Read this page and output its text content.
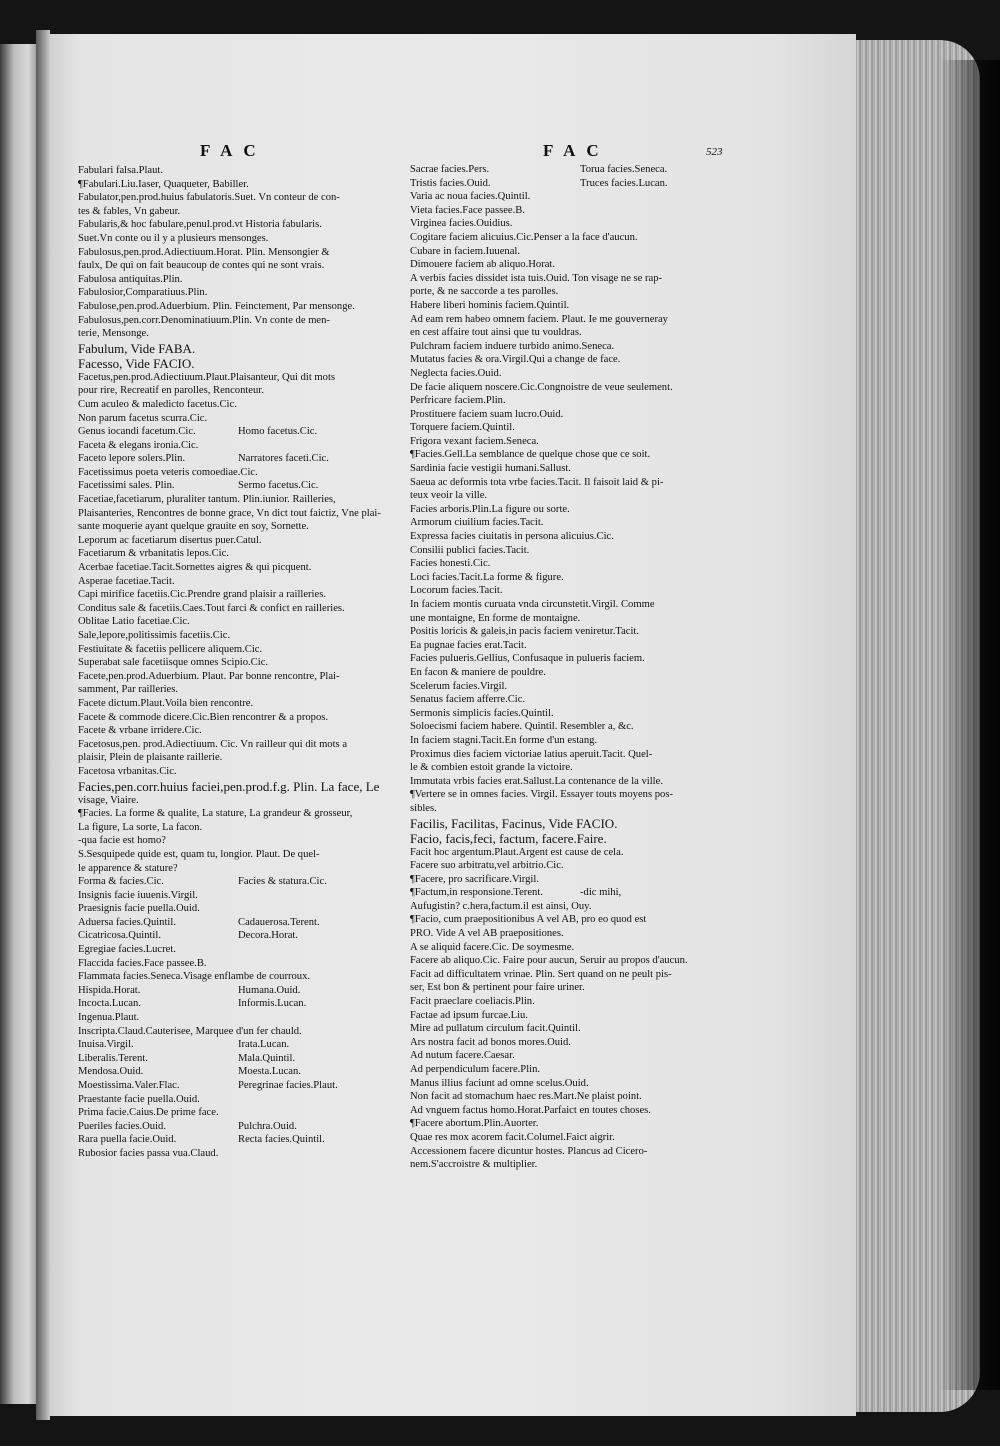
FAC	FAC	523
Fabulari falsa.Plaut.
¶Fabulari.Liu.Iaser, Quaqueter, Babiller.
Fabulator,pen.prod.huius fabulatoris.Suet. Vn conteur de con-
tes & fables, Vn gabeur.
Fabularis,& hoc fabulare,penul.prod.vt Historia fabularis.
Suet.Vn conte ou il y a plusieurs mensonges.
Fabulosus,pen.prod.Adiectiuum.Horat. Plin. Mensongier &
faulx, De qui on fait beaucoup de contes qui ne sont vrais.
Fabulosa antiquitas.Plin.
Fabulosior,Comparatiuus.Plin.
Fabulose,pen.prod.Aduerbium. Plin. Feinctement, Par mensonge.
Fabulosus,pen.corr.Denominatiuum.Plin. Vn conte de men-
terie, Mensonge.
Fabulum, Vide FABA.
Facesso, Vide FACIO.
Facetus,pen.prod.Adiectiuum.Plaut.Plaisanteur, Qui dit mots
pour rire, Recreatif en parolles, Renconteur.
Cum aculeo & maledicto facetus.Cic.
Non parum facetus scurra.Cic.
Genus iocandi facetum.Cic.	Homo facetus.Cic.
Faceta & elegans ironia.Cic.
Faceto lepore solers.Plin.	Narratores faceti.Cic.
Facetissimus poeta veteris comoediae.Cic.
Facetissimi sales. Plin.	Sermo facetus.Cic.
Facetiae,facetiarum, pluraliter tantum. Plin.iunior. Railleries,
Plaisanteries, Rencontres de bonne grace, Vn dict tout faictiz, Vne plai-
sante moquerie ayant quelque grauite en soy, Sornette.
Leporum ac facetiarum disertus puer.Catul.
Facetiarum & vrbanitatis lepos.Cic.
Acerbae facetiae.Tacit.Sornettes aigres & qui picquent.
Asperae facetiae.Tacit.
Capi mirifice facetiis.Cic.Prendre grand plaisir a railleries.
Conditus sale & facetiis.Caes.Tout farci & confict en railleries.
Oblitae Latio facetiae.Cic.
Sale,lepore,politissimis facetiis.Cic.
Festiuitate & facetiis pellicere aliquem.Cic.
Superabat sale facetiisque omnes Scipio.Cic.
Facete,pen.prod.Aduerbium. Plaut. Par bonne rencontre, Plai-
samment, Par railleries.
Facete dictum.Plaut.Voila bien rencontre.
Facete & commode dicere.Cic.Bien rencontrer & a propos.
Facete & vrbane irridere.Cic.
Facetosus,pen. prod.Adiectiuum. Cic. Vn railleur qui dit mots a
plaisir, Plein de plaisante raillerie.
Facetosa vrbanitas.Cic.
Facies,pen.corr.huius faciei,pen.prod.f.g. Plin. La face, Le
visage, Viaire.
¶Facies. La forme & qualite, La stature, La grandeur & grosseur,
La figure, La sorte, La facon.
-qua facie est homo?
S.Sesquipede quide est, quam tu, longior. Plaut. De quel-
le apparence & stature?
Forma & facies.Cic.	Facies & statura.Cic.
Insignis facie iuuenis.Virgil.
Praesignis facie puella.Ouid.
Aduersa facies.Quintil.	Cadauerosa.Terent.
Cicatricosa.Quintil.	Decora.Horat.
Egregiae facies.Lucret.
Flaccida facies.Face passee.B.
Flammata facies.Seneca.Visage enflambe de courroux.
Hispida.Horat.	Humana.Ouid.
Incocta.Lucan.	Informis.Lucan.
Ingenua.Plaut.
Inscripta.Claud.Cauterisee, Marquee d'un fer chauld.
Inuisa.Virgil.	Irata.Lucan.
Liberalis.Terent.	Mala.Quintil.
Mendosa.Ouid.	Moesta.Lucan.
Moestissima.Valer.Flac.	Peregrinae facies.Plaut.
Praestante facie puella.Ouid.
Prima facie.Caius.De prime face.
Pueriles facies.Ouid.	Pulchra.Ouid.
Rara puella facie.Ouid.	Recta facies.Quintil.
Rubosior facies passa vua.Claud.
Sacrae facies.Pers.	Torua facies.Seneca.
Tristis facies.Ouid.	Truces facies.Lucan.
Varia ac noua facies.Quintil.
Vieta facies.Face passee.B.
Virginea facies.Ouidius.
Cogitare faciem alicuius.Cic.Penser a la face d'aucun.
Cubare in faciem.Iuuenal.
Dimouere faciem ab aliquo.Horat.
A verbis facies dissidet ista tuis.Ouid. Ton visage ne se rap-
porte, & ne saccorde a tes parolles.
Habere liberi hominis faciem.Quintil.
Ad eam rem habeo omnem faciem. Plaut. Ie me gouverneray
en cest affaire tout ainsi que tu vouldras.
Pulchram faciem induere turbido animo.Seneca.
Mutatus facies & ora.Virgil.Qui a change de face.
Neglecta facies.Ouid.
De facie aliquem noscere.Cic.Congnoistre de veue seulement.
Perfricare faciem.Plin.
Prostituere faciem suam lucro.Ouid.
Torquere faciem.Quintil.
Frigora vexant faciem.Seneca.
¶Facies.Gell.La semblance de quelque chose que ce soit.
Sardinia facie vestigii humani.Sallust.
Saeua ac deformis tota vrbe facies.Tacit. Il faisoit laid & pi-
teux veoir la ville.
Facies arboris.Plin.La figure ou sorte.
Armorum ciuilium facies.Tacit.
Expressa facies ciuitatis in persona alicuius.Cic.
Consilii publici facies.Tacit.
Facies honesti.Cic.
Loci facies.Tacit.La forme & figure.
Locorum facies.Tacit.
In faciem montis curuata vnda circunstetit.Virgil. Comme
une montaigne, En forme de montaigne.
Positis loricis & galeis,in pacis faciem veniretur.Tacit.
Ea pugnae facies erat.Tacit.
Facies pulueris.Gellius, Confusaque in pulueris faciem.
En facon & maniere de pouldre.
Scelerum facies.Virgil.
Senatus faciem afferre.Cic.
Sermonis simplicis facies.Quintil.
Soloecismi faciem habere. Quintil. Resembler a, &c.
In faciem stagni.Tacit.En forme d'un estang.
Proximus dies faciem victoriae latius aperuit.Tacit. Quel-
le & combien estoit grande la victoire.
Immutata vrbis facies erat.Sallust.La contenance de la ville.
¶Vertere se in omnes facies. Virgil. Essayer touts moyens pos-
sibles.
Facilis, Facilitas, Facinus, Vide FACIO.
Facio, facis,feci, factum, facere.Faire.
Facit hoc argentum.Plaut.Argent est cause de cela.
Facere suo arbitratu,vel arbitrio.Cic.
¶Facere, pro sacrificare.Virgil.
¶Factum,in responsione.Terent.	-dic mihi,
Aufugistin? c.hera,factum.il est ainsi, Ouy.
¶Facio, cum praepositionibus A vel AB, pro eo quod est
PRO. Vide A vel AB praepositiones.
A se aliquid facere.Cic. De soymesme.
Facere ab aliquo.Cic. Faire pour aucun, Seruir au propos d'aucun.
Facit ad difficultatem vrinae. Plin. Sert quand on ne peult pis-
ser, Est bon & pertinent pour faire uriner.
Facit praeclare coeliacis.Plin.
Factae ad ipsum furcae.Liu.
Mire ad pullatum circulum facit.Quintil.
Ars nostra facit ad bonos mores.Ouid.
Ad nutum facere.Caesar.
Ad perpendiculum facere.Plin.
Manus illius faciunt ad omne scelus.Ouid.
Non facit ad stomachum haec res.Mart.Ne plaist point.
Ad vnguem factus homo.Horat.Parfaict en toutes choses.
¶Facere abortum.Plin.Auorter.
Quae res mox acorem facit.Columel.Faict aigrir.
Accessionem facere dicuntur hostes. Plancus ad Cicero-
nem.S'accroistre & multiplier.
